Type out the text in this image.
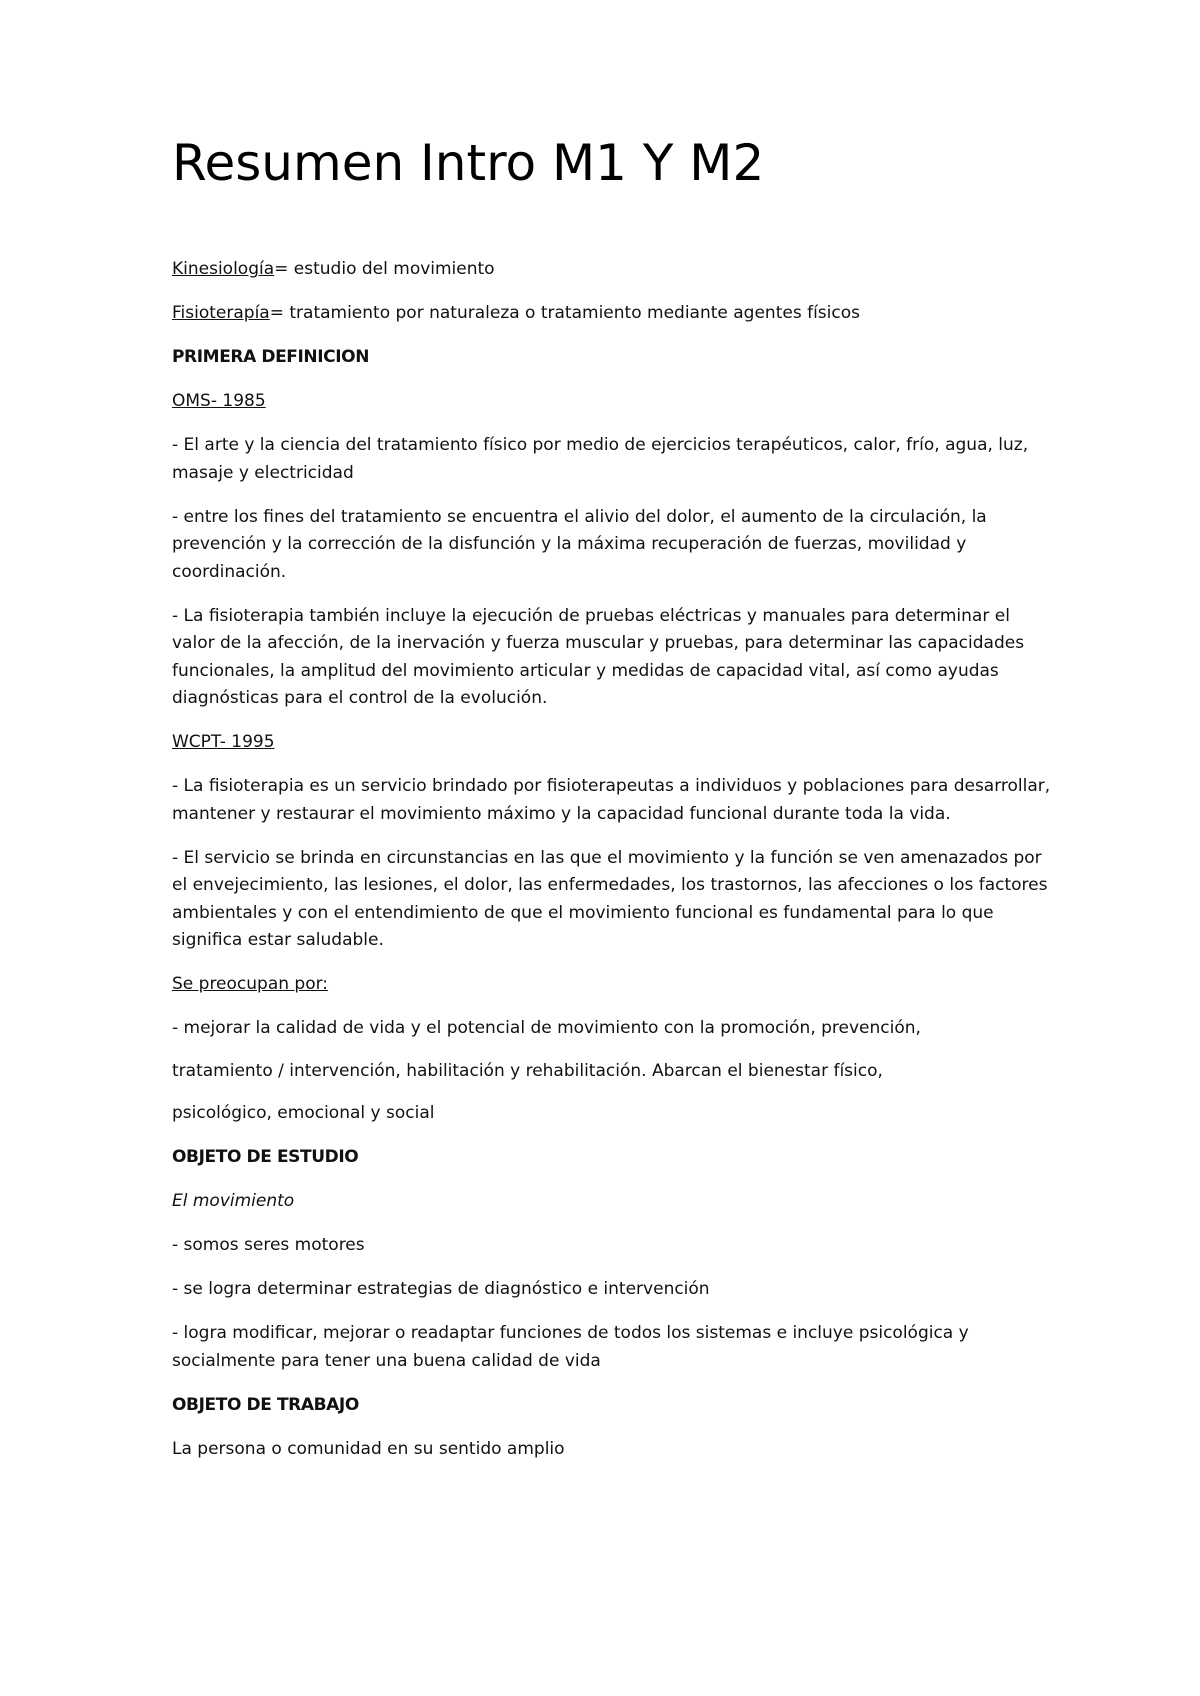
Resumen Intro M1 Y M2

Kinesiología= estudio del movimiento

Fisioterapía= tratamiento por naturaleza o tratamiento mediante agentes físicos

PRIMERA DEFINICION

OMS- 1985

- El arte y la ciencia del tratamiento físico por medio de ejercicios terapéuticos, calor, frío, agua, luz, masaje y electricidad

- entre los fines del tratamiento se encuentra el alivio del dolor, el aumento de la circulación, la prevención y la corrección de la disfunción y la máxima recuperación de fuerzas, movilidad y coordinación.

- La fisioterapia también incluye la ejecución de pruebas eléctricas y manuales para determinar el valor de la afección, de la inervación y fuerza muscular y pruebas, para determinar las capacidades funcionales, la amplitud del movimiento articular y medidas de capacidad vital, así como ayudas diagnósticas para el control de la evolución.

WCPT- 1995

- La fisioterapia es un servicio brindado por fisioterapeutas a individuos y poblaciones para desarrollar, mantener y restaurar el movimiento máximo y la capacidad funcional durante toda la vida.

- El servicio se brinda en circunstancias en las que el movimiento y la función se ven amenazados por el envejecimiento, las lesiones, el dolor, las enfermedades, los trastornos, las afecciones o los factores ambientales y con el entendimiento de que el movimiento funcional es fundamental para lo que significa estar saludable.

Se preocupan por:

- mejorar la calidad de vida y el potencial de movimiento con la promoción, prevención,

tratamiento / intervención, habilitación y rehabilitación. Abarcan el bienestar físico,

psicológico, emocional y social

OBJETO DE ESTUDIO

El movimiento

- somos seres motores

- se logra determinar estrategias de diagnóstico e intervención

- logra modificar, mejorar o readaptar funciones de todos los sistemas e incluye psicológica y socialmente para tener una buena calidad de vida

OBJETO DE TRABAJO

La persona o comunidad en su sentido amplio
